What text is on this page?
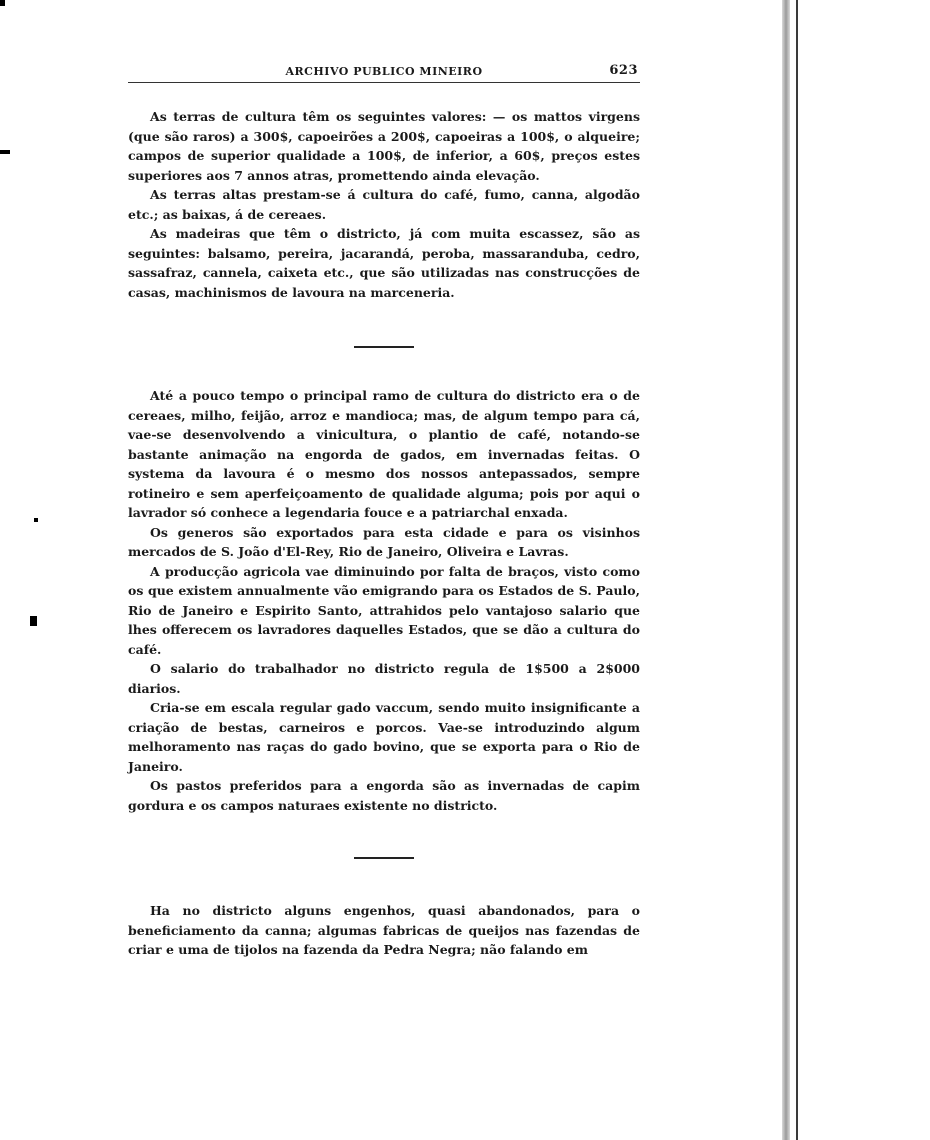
ARCHIVO PUBLICO MINEIRO	623

As terras de cultura têm os seguintes valores: — os mattos virgens (que são raros) a 300$, capoeirões a 200$, capoeiras a 100$, o alqueire; campos de superior qualidade a 100$, de inferior, a 60$, preços estes superiores aos 7 annos atras, promettendo ainda elevação.

As terras altas prestam-se á cultura do café, fumo, canna, algodão etc.; as baixas, á de cereaes.

As madeiras que têm o districto, já com muita escassez, são as seguintes: balsamo, pereira, jacarandá, peroba, massaranduba, cedro, sassafraz, cannela, caixeta etc., que são utilizadas nas construcções de casas, machinismos de lavoura na marceneria.

Até a pouco tempo o principal ramo de cultura do districto era o de cereaes, milho, feijão, arroz e mandioca; mas, de algum tempo para cá, vae-se desenvolvendo a vinicultura, o plantio de café, notando-se bastante animação na engorda de gados, em invernadas feitas. O systema da lavoura é o mesmo dos nossos antepassados, sempre rotineiro e sem aperfeiçoamento de qualidade alguma; pois por aqui o lavrador só conhece a legendaria fouce e a patriarchal enxada.

Os generos são exportados para esta cidade e para os visinhos mercados de S. João d'El-Rey, Rio de Janeiro, Oliveira e Lavras.

A producção agricola vae diminuindo por falta de braços, visto como os que existem annualmente vão emigrando para os Estados de S. Paulo, Rio de Janeiro e Espirito Santo, attrahidos pelo vantajoso salario que lhes offerecem os lavradores daquelles Estados, que se dão a cultura do café.

O salario do trabalhador no districto regula de 1$500 a 2$000 diarios.

Cria-se em escala regular gado vaccum, sendo muito insignificante a criação de bestas, carneiros e porcos. Vae-se introduzindo algum melhoramento nas raças do gado bovino, que se exporta para o Rio de Janeiro.

Os pastos preferidos para a engorda são as invernadas de capim gordura e os campos naturaes existente no districto.

Ha no districto alguns engenhos, quasi abandonados, para o beneficiamento da canna; algumas fabricas de queijos nas fazendas de criar e uma de tijolos na fazenda da Pedra Negra; não falando em
